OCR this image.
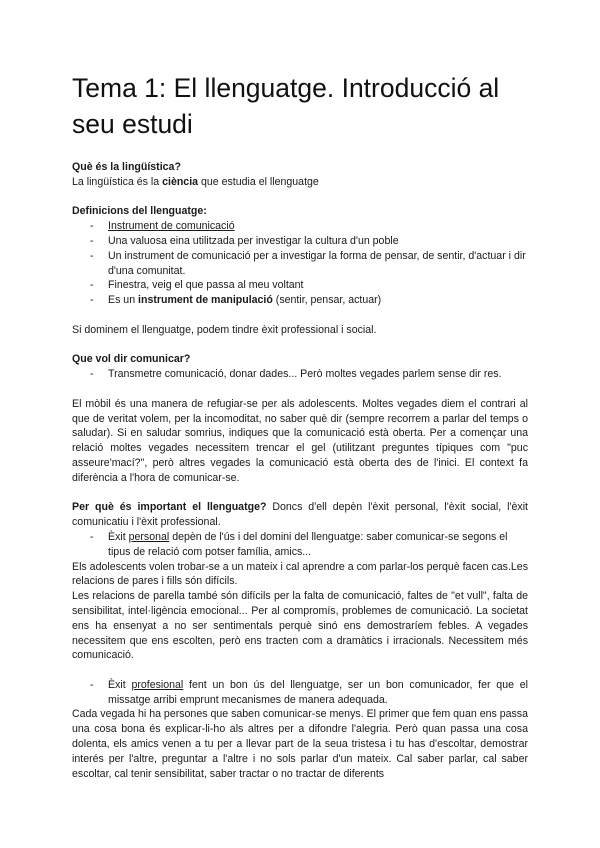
Tema 1: El llenguatge. Introducció al seu estudi

Què és la lingüística?

La lingüística és la ciència que estudia el llenguatge

Definicions del llenguatge:

- Instrument de comunicació
- Una valuosa eina utilitzada per investigar la cultura d'un poble
- Un instrument de comunicació per a investigar la forma de pensar, de sentir, d'actuar i dir d'una comunitat.
- Finestra, veig el que passa al meu voltant
- Es un instrument de manipulació (sentir, pensar, actuar)

Si dominem el llenguatge, podem tindre èxit professional i social.

Que vol dir comunicar?

- Transmetre comunicació, donar dades... Però moltes vegades parlem sense dir res.

El mòbil és una manera de refugiar-se per als adolescents. Moltes vegades diem el contrari al que de veritat volem, per la incomoditat, no saber què dir (sempre recorrem a parlar del temps o saludar). Si en saludar somrius, indiques que la comunicació està oberta. Per a començar una relació moltes vegades necessitem trencar el gel (utilitzant preguntes típiques com "puc asseure'mací?", però altres vegades la comunicació està oberta des de l'inici. El context fa diferència a l'hora de comunicar-se.

Per què és important el llenguatge? Doncs d'ell depèn l'èxit personal, l'èxit social, l'èxit comunicatiu i l'èxit professional.

- Èxit personal depèn de l'ús i del domini del llenguatge: saber comunicar-se segons el tipus de relació com potser família, amics...

Els adolescents volen trobar-se a un mateix i cal aprendre a com parlar-los perquè facen cas.Les relacions de pares i fills són difícils.

Les relacions de parella també són difícils per la falta de comunicació, faltes de "et vull", falta de sensibilitat, intel·ligència emocional... Per al compromís, problemes de comunicació. La societat ens ha ensenyat a no ser sentimentals perquè sinó ens demostraríem febles. A vegades necessitem que ens escolten, però ens tracten com a dramàtics i irracionals. Necessitem més comunicació.

- Èxit profesional fent un bon ús del llenguatge, ser un bon comunicador, fer que el missatge arribi emprunt mecanismes de manera adequada.

Cada vegada hi ha persones que saben comunicar-se menys. El primer que fem quan ens passa una cosa bona és explicar-li-ho als altres per a difondre l'alegria. Però quan passa una cosa dolenta, els amics venen a tu per a llevar part de la seua tristesa i tu has d'escoltar, demostrar interés per l'altre, preguntar a l'altre i no sols parlar d'un mateix. Cal saber parlar, cal saber escoltar, cal tenir sensibilitat, saber tractar o no tractar de diferents
